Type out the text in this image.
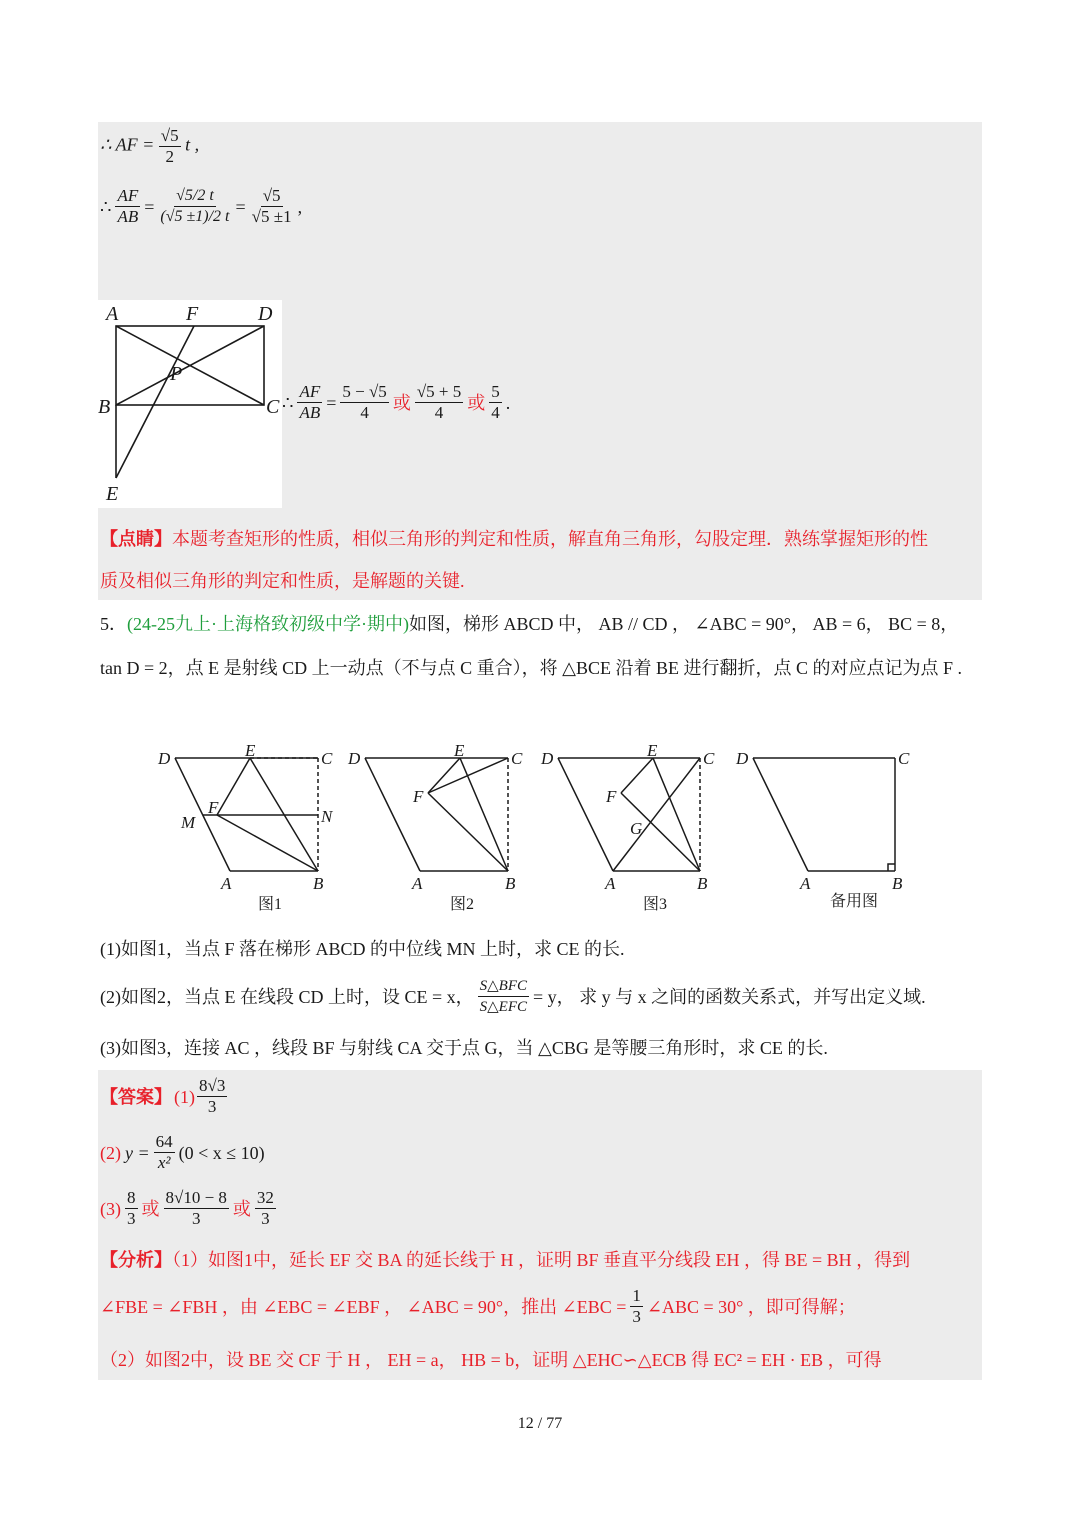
∴ AF = $\frac{√5}{2}$ t ,
∴ $\frac{AF}{AB} = \frac{√5/2 t}{(√5 \pm 1)/2 t} = \frac{√5}{√5 \pm 1}$ ,
A	F	D
P
B	C
E
∴ $\frac{AF}{AB} = \frac{5 - √5}{4}$ 或 $\frac{√5 + 5}{4}$ 或 $\frac{5}{4}$ .
【点睛】本题考查矩形的性质，相似三角形的判定和性质，解直角三角形，勾股定理．熟练掌握矩形的性
质及相似三角形的判定和性质，是解题的关键.
5．(24-25九上·上海格致初级中学·期中)如图，梯形 ABCD 中， AB // CD ， ∠ABC = 90°， AB = 6， BC = 8，
tan D = 2，点 E 是射线 CD 上一动点（不与点 C 重合），将 △BCE 沿着 BE 进行翻折，点 C 的对应点记为点 F .
D	E	C
F
M	N
A	B
D	E	C
F
A	B
D	E	C
F
G
A	B
D	C
A	B
图1	图2	图3	备用图
(1)如图1，当点 F 落在梯形 ABCD 的中位线 MN 上时，求 CE 的长.
(2)如图2，当点 E 在线段 CD 上时，设 CE = x， $\frac{\text{S△BFC}}{\text{S△EFC}} = y$， 求 y 与 x 之间的函数关系式，并写出定义域.
(3)如图3，连接 AC ，线段 BF 与射线 CA 交于点 G，当 △CBG 是等腰三角形时，求 CE 的长.
【答案】 $(1) \frac{8√3}{3}$
(2) $y = \frac{64}{\text{x²}} (0 < x \le 10)$
$(3) \frac{8}{3}$ 或 $\frac{8√10 - 8}{3}$ 或 $\frac{32}{3}$
【分析】（1）如图1中，延长 EF 交 BA 的延长线于 H ，证明 BF 垂直平分线段 EH ，得 BE = BH ，得到
∠FBE = ∠FBH ，由 ∠EBC = ∠EBF ， ∠ABC = 90°，推出 ∠EBC = $\frac{1}{3}$ ∠ABC = 30° ，即可得解；
（2）如图2中，设 BE 交 CF 于 H ， EH = a， HB = b，证明 △EHC∽△ECB 得 EC² = EH · EB ，可得
12 / 77
